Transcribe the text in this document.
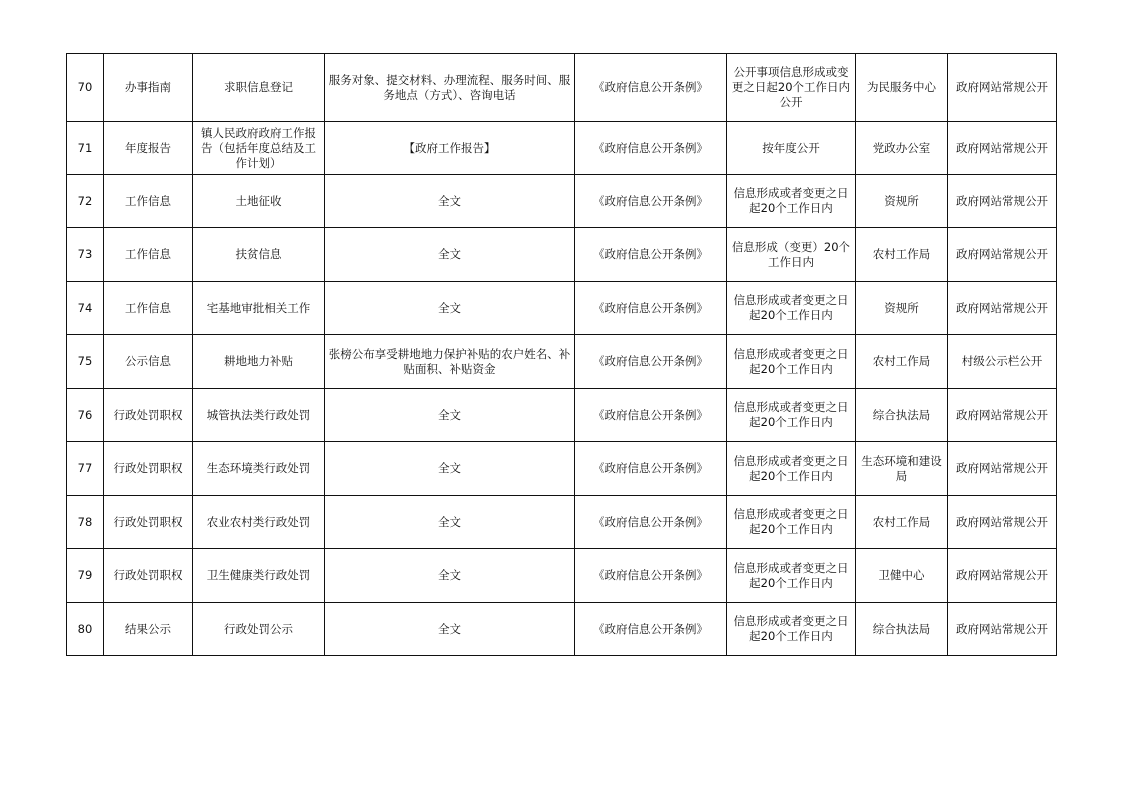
70	办事指南	求职信息登记	服务对象、提交材料、办理流程、服务时间、服务地点（方式）、咨询电话	《政府信息公开条例》	公开事项信息形成或变更之日起20个工作日内公开	为民服务中心	政府网站常规公开
71	年度报告	镇人民政府政府工作报告（包括年度总结及工作计划）	【政府工作报告】	《政府信息公开条例》	按年度公开	党政办公室	政府网站常规公开
72	工作信息	土地征收	全文	《政府信息公开条例》	信息形成或者变更之日起20个工作日内	资规所	政府网站常规公开
73	工作信息	扶贫信息	全文	《政府信息公开条例》	信息形成（变更）20个工作日内	农村工作局	政府网站常规公开
74	工作信息	宅基地审批相关工作	全文	《政府信息公开条例》	信息形成或者变更之日起20个工作日内	资规所	政府网站常规公开
75	公示信息	耕地地力补贴	张榜公布享受耕地地力保护补贴的农户姓名、补贴面积、补贴资金	《政府信息公开条例》	信息形成或者变更之日起20个工作日内	农村工作局	村级公示栏公开
76	行政处罚职权	城管执法类行政处罚	全文	《政府信息公开条例》	信息形成或者变更之日起20个工作日内	综合执法局	政府网站常规公开
77	行政处罚职权	生态环境类行政处罚	全文	《政府信息公开条例》	信息形成或者变更之日起20个工作日内	生态环境和建设局	政府网站常规公开
78	行政处罚职权	农业农村类行政处罚	全文	《政府信息公开条例》	信息形成或者变更之日起20个工作日内	农村工作局	政府网站常规公开
79	行政处罚职权	卫生健康类行政处罚	全文	《政府信息公开条例》	信息形成或者变更之日起20个工作日内	卫健中心	政府网站常规公开
80	结果公示	行政处罚公示	全文	《政府信息公开条例》	信息形成或者变更之日起20个工作日内	综合执法局	政府网站常规公开
